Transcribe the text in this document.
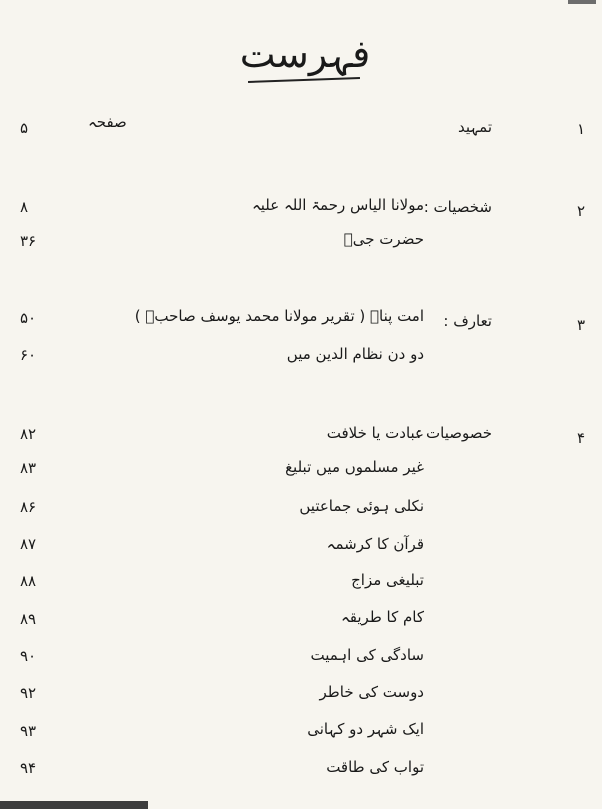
فہرست
صفحہ	۱
تمہید
۵
۲
شخصیات :
مولانا الیاس رحمۃ اللہ علیہ
۸
حضرت جیؒ
۳۶
۳
تعارف :
امت پناہ ( تقریر مولانا محمد یوسف صاحبؒ )
۵۰
دو دن نظام الدین میں
۶۰
۴
خصوصیات :
عبادت یا خلافت
۸۲
غیر مسلموں میں تبلیغ
۸۳
نکلی ہوئی جماعتیں
۸۶
قرآن کا کرشمہ
۸۷
تبلیغی مزاج
۸۸
کام کا طریقہ
۸۹
سادگی کی اہمیت
۹۰
دوست کی خاطر
۹۲
ایک شہر دو کہانی
۹۳
تواب کی طاقت
۹۴
